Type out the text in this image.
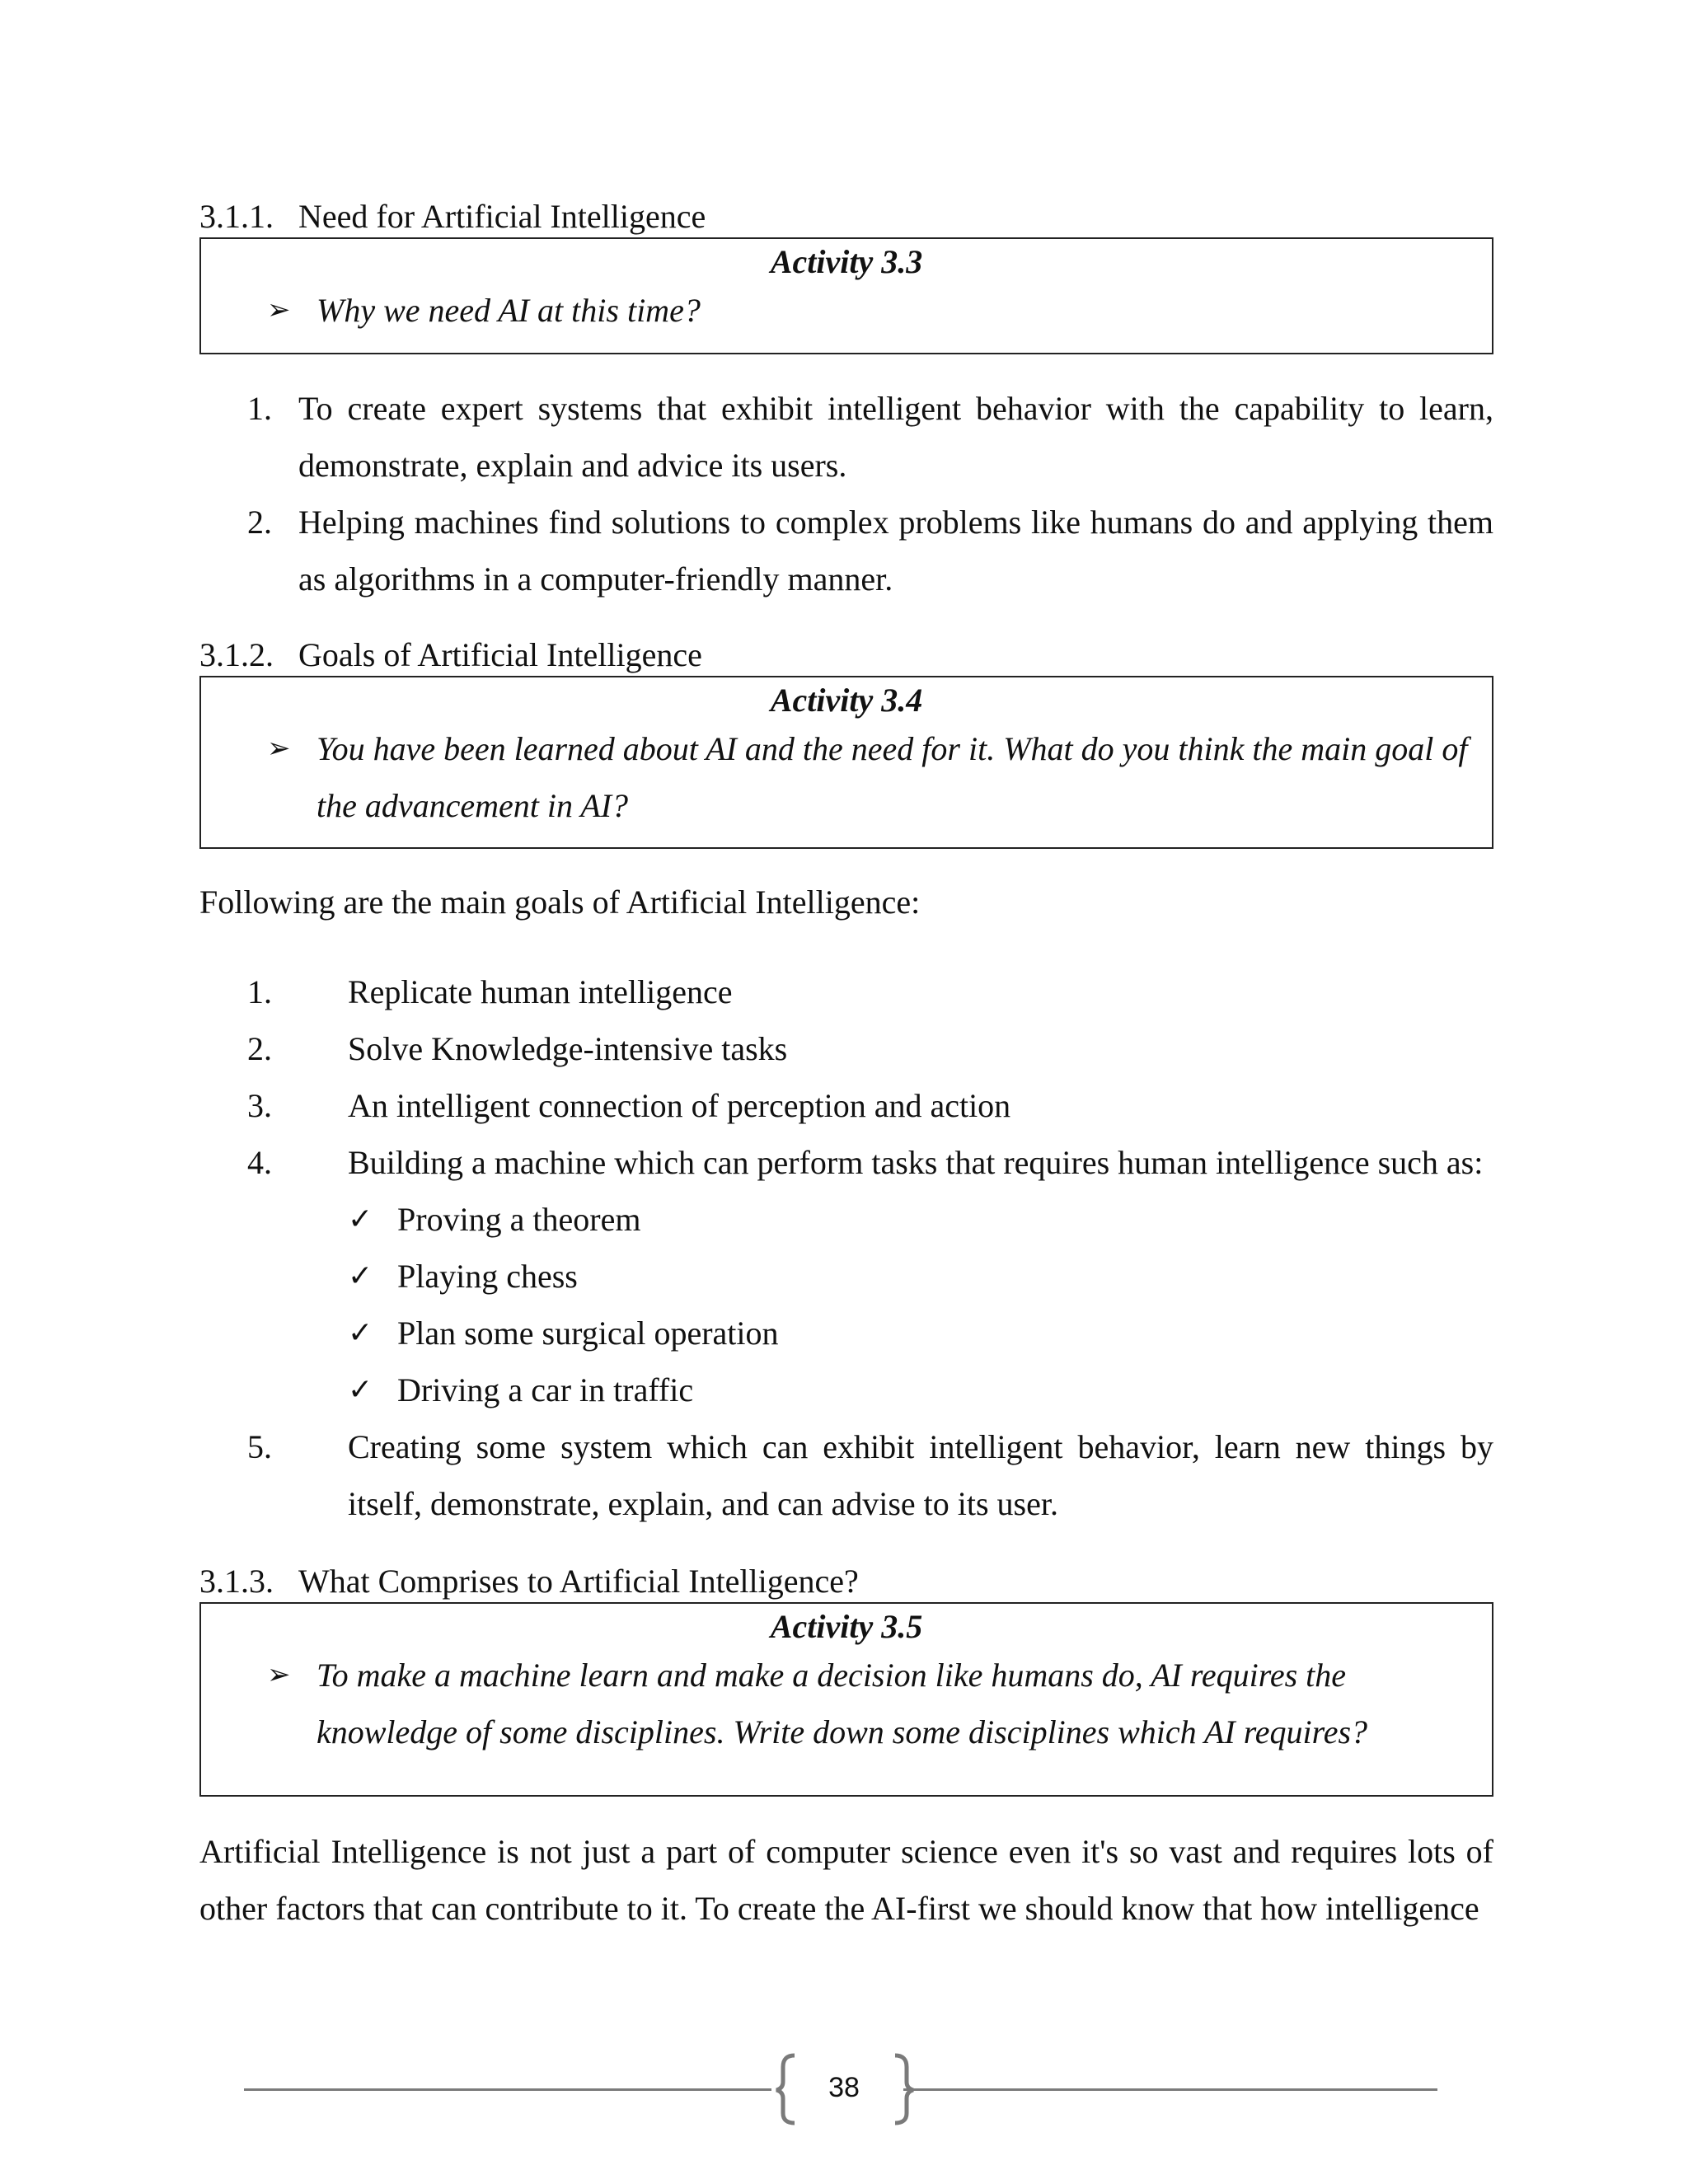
3.1.1. Need for Artificial Intelligence
Activity 3.3
➢ Why we need AI at this time?
1. To create expert systems that exhibit intelligent behavior with the capability to learn, demonstrate, explain and advice its users.
2. Helping machines find solutions to complex problems like humans do and applying them as algorithms in a computer-friendly manner.
3.1.2. Goals of Artificial Intelligence
Activity 3.4
➢ You have been learned about AI and the need for it. What do you think the main goal of the advancement in AI?
Following are the main goals of Artificial Intelligence:
1. Replicate human intelligence
2. Solve Knowledge-intensive tasks
3. An intelligent connection of perception and action
4. Building a machine which can perform tasks that requires human intelligence such as:
✓ Proving a theorem
✓ Playing chess
✓ Plan some surgical operation
✓ Driving a car in traffic
5. Creating some system which can exhibit intelligent behavior, learn new things by itself, demonstrate, explain, and can advise to its user.
3.1.3. What Comprises to Artificial Intelligence?
Activity 3.5
➢ To make a machine learn and make a decision like humans do, AI requires the knowledge of some disciplines. Write down some disciplines which AI requires?
Artificial Intelligence is not just a part of computer science even it's so vast and requires lots of other factors that can contribute to it. To create the AI-first we should know that how intelligence
38
